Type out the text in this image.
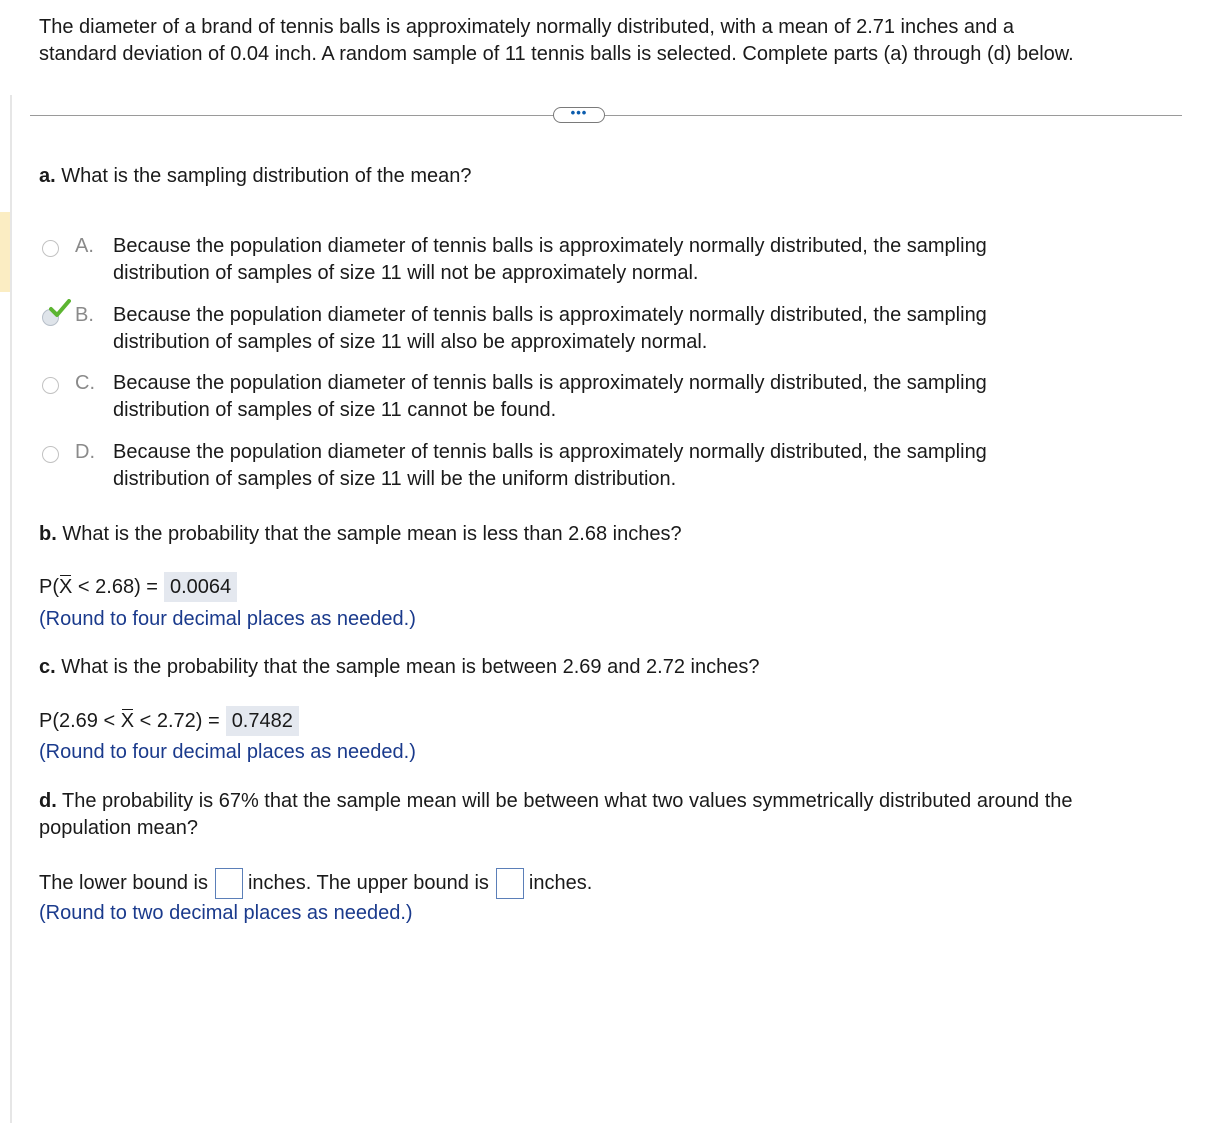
The diameter of a brand of tennis balls is approximately normally distributed, with a mean of 2.71 inches and a
standard deviation of 0.04 inch. A random sample of 11 tennis balls is selected. Complete parts (a) through (d) below.
•••
a. What is the sampling distribution of the mean?
A. Because the population diameter of tennis balls is approximately normally distributed, the sampling
distribution of samples of size 11 will not be approximately normal.
B. Because the population diameter of tennis balls is approximately normally distributed, the sampling
distribution of samples of size 11 will also be approximately normal.
C. Because the population diameter of tennis balls is approximately normally distributed, the sampling
distribution of samples of size 11 cannot be found.
D. Because the population diameter of tennis balls is approximately normally distributed, the sampling
distribution of samples of size 11 will be the uniform distribution.
b. What is the probability that the sample mean is less than 2.68 inches?
P( X < 2.68) = 0.0064
(Round to four decimal places as needed.)
c. What is the probability that the sample mean is between 2.69 and 2.72 inches?
P(2.69 < X < 2.72) = 0.7482
(Round to four decimal places as needed.)
d. The probability is 67% that the sample mean will be between what two values symmetrically distributed around the
population mean?
The lower bound is inches. The upper bound is inches.
(Round to two decimal places as needed.)
